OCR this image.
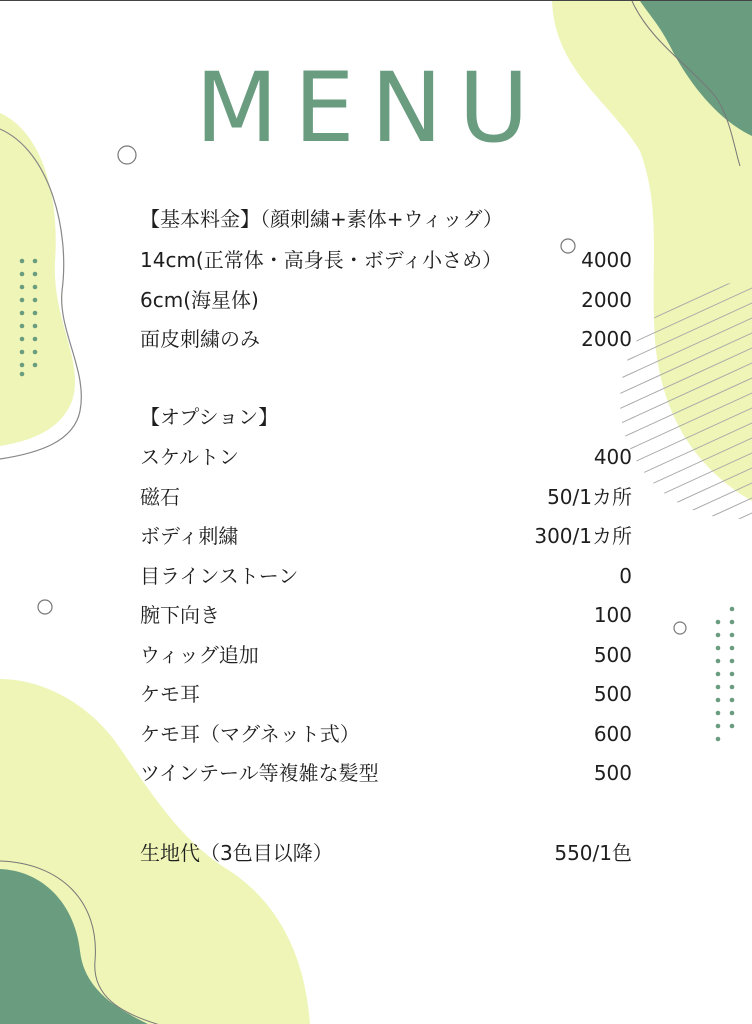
MENU
【基本料金】（顔刺繍+素体+ウィッグ）
14cm(正常体・高身長・ボディ小さめ）	4000
6cm(海星体)	2000
面皮刺繍のみ	2000
【オプション】
スケルトン	400
磁石	50/1カ所
ボディ刺繍	300/1カ所
目ラインストーン	0
腕下向き	100
ウィッグ追加	500
ケモ耳	500
ケモ耳（マグネット式）	600
ツインテール等複雑な髪型	500
生地代（3色目以降）	550/1色
